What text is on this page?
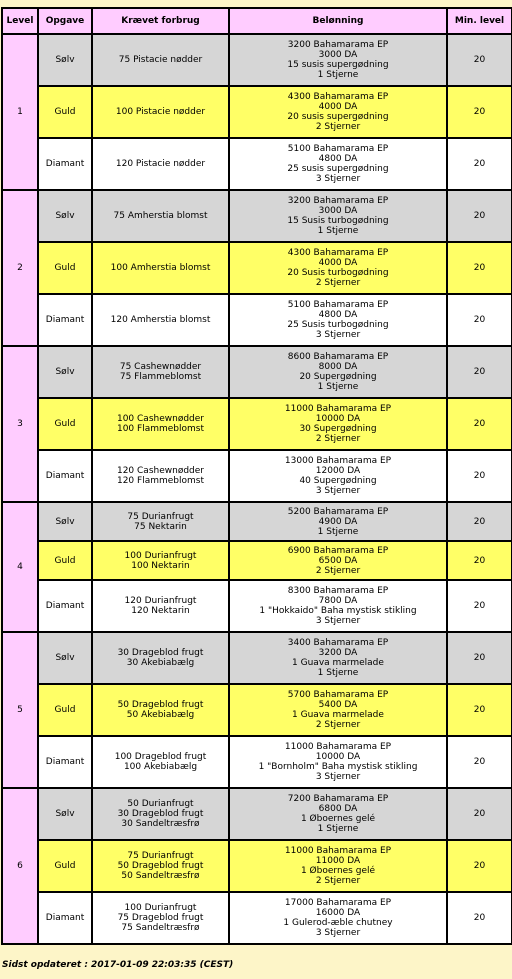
Level	Opgave	Krævet forbrug	Belønning	Min. level
1	Sølv	75 Pistacie nødder	3200 Bahamarama EP
3000 DA
15 susis supergødning
1 Stjerne	20
	Guld	100 Pistacie nødder	4300 Bahamarama EP
4000 DA
20 susis supergødning
2 Stjerner	20
	Diamant	120 Pistacie nødder	5100 Bahamarama EP
4800 DA
25 susis supergødning
3 Stjerner	20
2	Sølv	75 Amherstia blomst	3200 Bahamarama EP
3000 DA
15 Susis turbogødning
1 Stjerne	20
	Guld	100 Amherstia blomst	4300 Bahamarama EP
4000 DA
20 Susis turbogødning
2 Stjerner	20
	Diamant	120 Amherstia blomst	5100 Bahamarama EP
4800 DA
25 Susis turbogødning
3 Stjerner	20
3	Sølv	75 Cashewnødder
75 Flammeblomst	8600 Bahamarama EP
8000 DA
20 Supergødning
1 Stjerne	20
	Guld	100 Cashewnødder
100 Flammeblomst	11000 Bahamarama EP
10000 DA
30 Supergødning
2 Stjerner	20
	Diamant	120 Cashewnødder
120 Flammeblomst	13000 Bahamarama EP
12000 DA
40 Supergødning
3 Stjerner	20
4	Sølv	75 Durianfrugt
75 Nektarin	5200 Bahamarama EP
4900 DA
1 Stjerne	20
	Guld	100 Durianfrugt
100 Nektarin	6900 Bahamarama EP
6500 DA
2 Stjerner	20
	Diamant	120 Durianfrugt
120 Nektarin	8300 Bahamarama EP
7800 DA
1 "Hokkaido" Baha mystisk stikling
3 Stjerner	20
5	Sølv	30 Drageblod frugt
30 Akebiabælg	3400 Bahamarama EP
3200 DA
1 Guava marmelade
1 Stjerne	20
	Guld	50 Drageblod frugt
50 Akebiabælg	5700 Bahamarama EP
5400 DA
1 Guava marmelade
2 Stjerner	20
	Diamant	100 Drageblod frugt
100 Akebiabælg	11000 Bahamarama EP
10000 DA
1 "Bornholm" Baha mystisk stikling
3 Stjerner	20
6	Sølv	50 Durianfrugt
30 Drageblod frugt
30 Sandeltræsfrø	7200 Bahamarama EP
6800 DA
1 Øboernes gelé
1 Stjerne	20
	Guld	75 Durianfrugt
50 Drageblod frugt
50 Sandeltræsfrø	11000 Bahamarama EP
11000 DA
1 Øboernes gelé
2 Stjerner	20
	Diamant	100 Durianfrugt
75 Drageblod frugt
75 Sandeltræsfrø	17000 Bahamarama EP
16000 DA
1 Gulerod-æble chutney
3 Stjerner	20
Sidst opdateret : 2017-01-09 22:03:35 (CEST)
